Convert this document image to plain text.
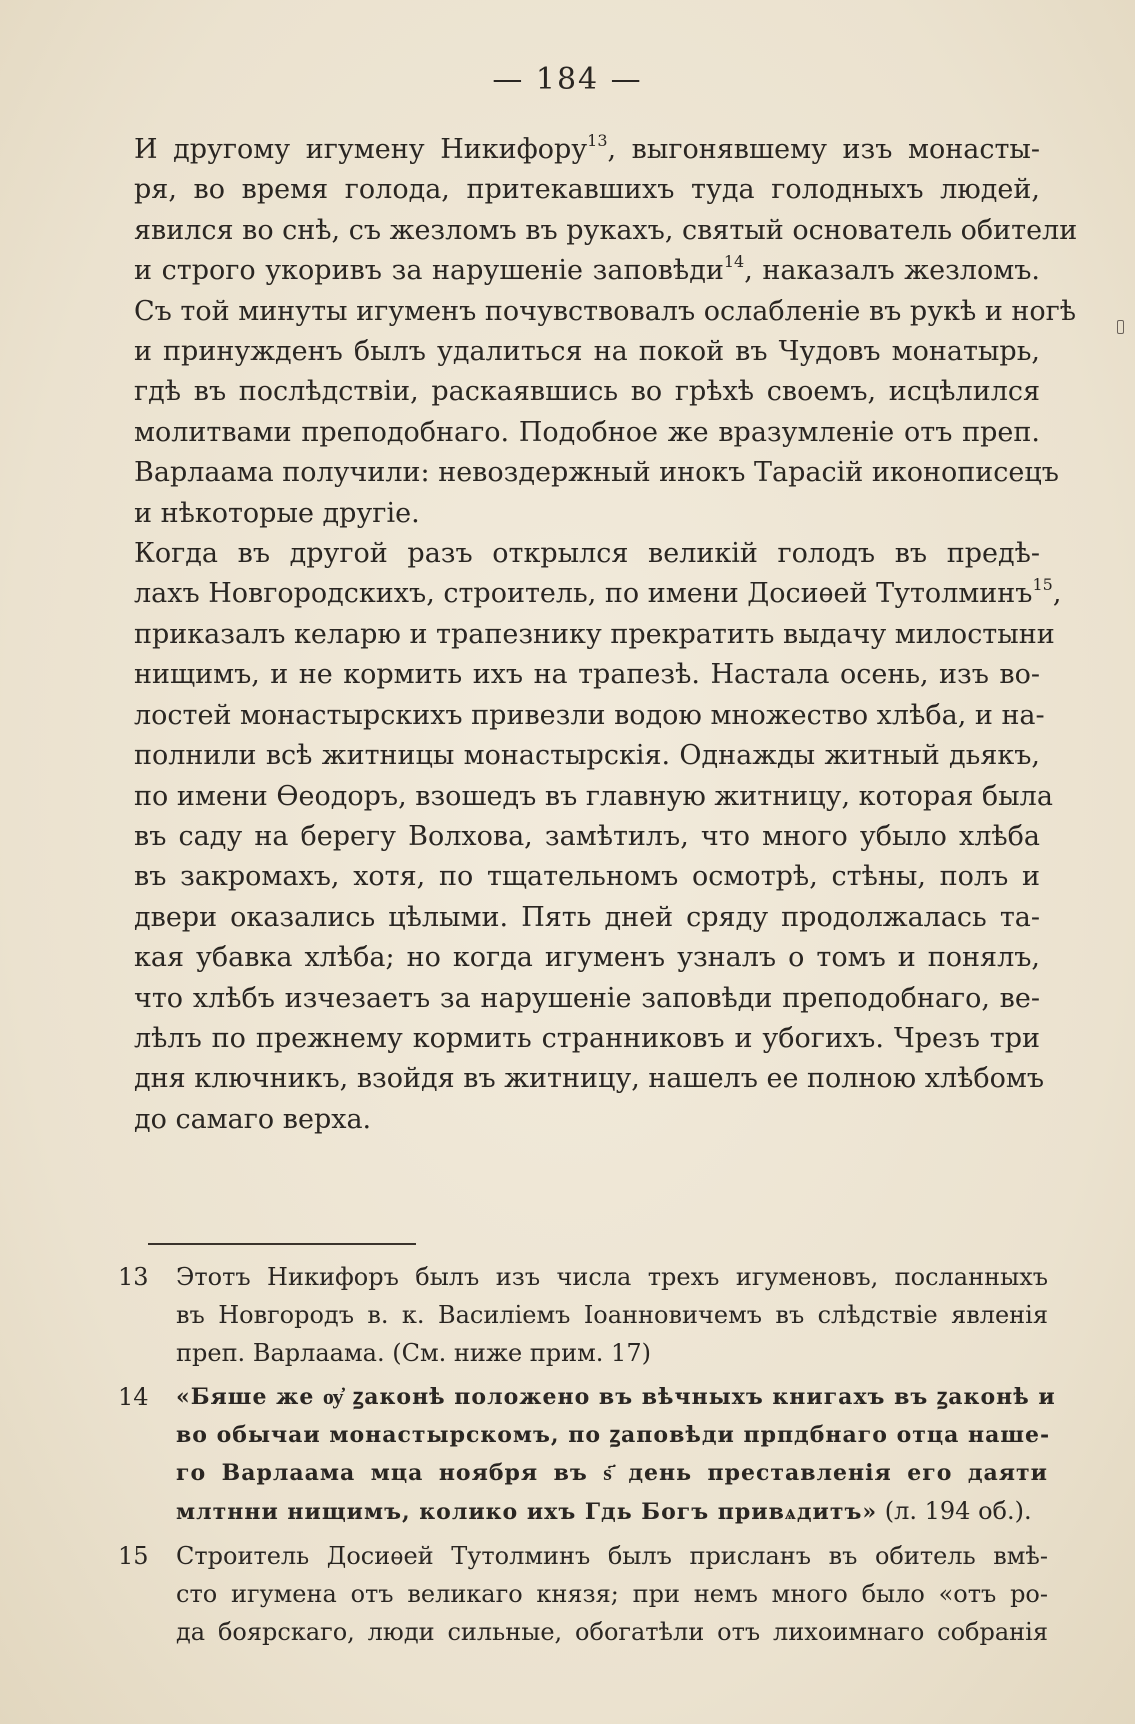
— 184 —

И другому игумену Никифору$^{13}$, выгонявшему изъ монасты-
ря, во время голода, притекавшихъ туда голодныхъ людей,
явился во снѣ, съ жезломъ въ рукахъ, святый основатель обители
и строго укоривъ за нарушеніе заповѣди$^{14}$, наказалъ жезломъ.
Съ той минуты игуменъ почувствовалъ ослабленіе въ рукѣ и ногѣ
и принужденъ былъ удалиться на покой въ Чудовъ монатырь,
гдѣ въ послѣдствіи, раскаявшись во грѣхѣ своемъ, исцѣлился
молитвами преподобнаго. Подобное же вразумленіе отъ преп.
Варлаама получили: невоздержный инокъ Тарасій иконописецъ
и нѣкоторые другіе.

Когда въ другой разъ открылся великій голодъ въ предѣ-
лахъ Новгородскихъ, строитель, по имени Досиѳей Тутолминъ$^{15}$,
приказалъ келарю и трапезнику прекратить выдачу милостыни
нищимъ, и не кормить ихъ на трапезѣ. Настала осень, изъ во-
лостей монастырскихъ привезли водою множество хлѣба, и на-
полнили всѣ житницы монастырскія. Однажды житный дьякъ,
по имени Ѳеодоръ, взошедъ въ главную житницу, которая была
въ саду на берегу Волхова, замѣтилъ, что много убыло хлѣба
въ закромахъ, хотя, по тщательномъ осмотрѣ, стѣны, полъ и
двери оказались цѣлыми. Пять дней сряду продолжалась та-
кая убавка хлѣба; но когда игуменъ узналъ о томъ и понялъ,
что хлѣбъ изчезаетъ за нарушеніе заповѣди преподобнаго, ве-
лѣлъ по прежнему кормить странниковъ и убогихъ. Чрезъ три
дня ключникъ, взойдя въ житницу, нашелъ ее полною хлѣбомъ
до самаго верха.

13 Этотъ Никифоръ былъ изъ числа трехъ игуменовъ, посланныхъ
въ Новгородъ в. к. Василіемъ Іоанновичемъ въ слѣдствіе явленія
преп. Варлаама. (См. ниже прим. 17)
14 «Бяше же ѹ҆ ꙁаконѣ положено въ вѣчныхъ книгахъ въ ꙁаконѣ и
во обычаи монастырскомъ, по ꙁаповѣди прпдбнаго отца наше-
го Варлаама мца ноября въ ѕ҃ день преставленія его даяти
млтнни нищимъ, колико ихъ Гдь Богъ привѧдитъ» (л. 194 об.).
15 Строитель Досиѳей Тутолминъ былъ присланъ въ обитель вмѣ-
сто игумена отъ великаго князя; при немъ много было «отъ ро-
да боярскаго, люди сильные, обогатѣли отъ лихоимнаго собранія
